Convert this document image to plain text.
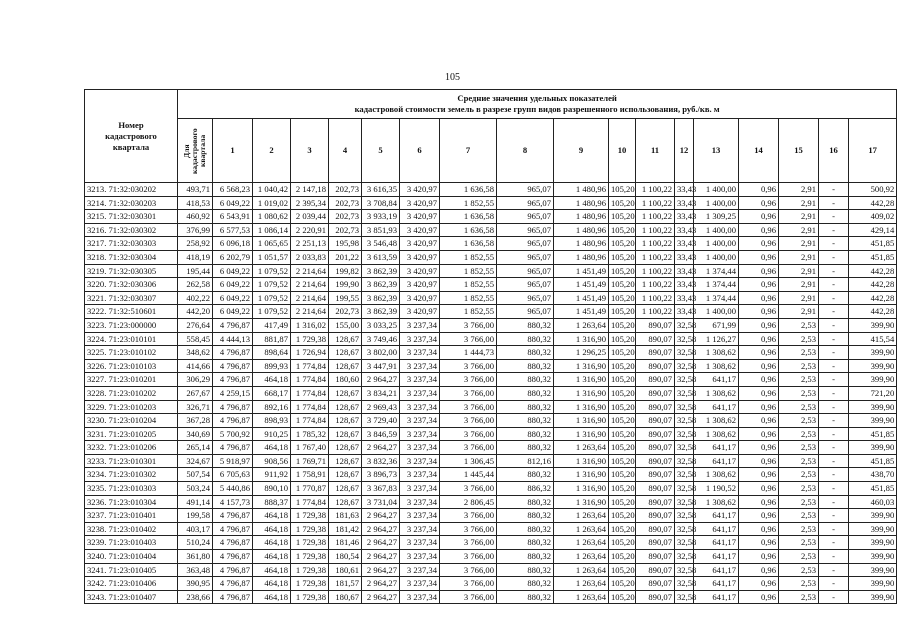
105
Номер кадастрового квартала	Средние значения удельных показателей
кадастровой стоимости земель в разрезе групп видов разрешенного использования, руб./кв. м																	

	Для кадастрового квартала	1	2	3	4	5	6	7	8	9	10	11	12	13	14	15	16	17
3213. 71:32:030202	493,71	6 568,23	1 040,42	2 147,18	202,73	3 616,35	3 420,97	1 636,58	965,07	1 480,96	105,20	1 100,22	33,43	1 400,00	0,96	2,91	-	500,92
3214. 71:32:030203	418,53	6 049,22	1 019,02	2 395,34	202,73	3 708,84	3 420,97	1 852,55	965,07	1 480,96	105,20	1 100,22	33,43	1 400,00	0,96	2,91	-	442,28
3215. 71:32:030301	460,92	6 543,91	1 080,62	2 039,44	202,73	3 933,19	3 420,97	1 636,58	965,07	1 480,96	105,20	1 100,22	33,43	1 309,25	0,96	2,91	-	409,02
3216. 71:32:030302	376,99	6 577,53	1 086,14	2 220,91	202,73	3 851,93	3 420,97	1 636,58	965,07	1 480,96	105,20	1 100,22	33,43	1 400,00	0,96	2,91	-	429,14
3217. 71:32:030303	258,92	6 096,18	1 065,65	2 251,13	195,98	3 546,48	3 420,97	1 636,58	965,07	1 480,96	105,20	1 100,22	33,43	1 400,00	0,96	2,91	-	451,85
3218. 71:32:030304	418,19	6 202,79	1 051,57	2 033,83	201,22	3 613,59	3 420,97	1 852,55	965,07	1 480,96	105,20	1 100,22	33,43	1 400,00	0,96	2,91	-	451,85
3219. 71:32:030305	195,44	6 049,22	1 079,52	2 214,64	199,82	3 862,39	3 420,97	1 852,55	965,07	1 451,49	105,20	1 100,22	33,43	1 374,44	0,96	2,91	-	442,28
3220. 71:32:030306	262,58	6 049,22	1 079,52	2 214,64	199,90	3 862,39	3 420,97	1 852,55	965,07	1 451,49	105,20	1 100,22	33,43	1 374,44	0,96	2,91	-	442,28
3221. 71:32:030307	402,22	6 049,22	1 079,52	2 214,64	199,55	3 862,39	3 420,97	1 852,55	965,07	1 451,49	105,20	1 100,22	33,43	1 374,44	0,96	2,91	-	442,28
3222. 71:32:510601	442,20	6 049,22	1 079,52	2 214,64	202,73	3 862,39	3 420,97	1 852,55	965,07	1 451,49	105,20	1 100,22	33,43	1 400,00	0,96	2,91	-	442,28
3223. 71:23:000000	276,64	4 796,87	417,49	1 316,02	155,00	3 033,25	3 237,34	3 766,00	880,32	1 263,64	105,20	890,07	32,58	671,99	0,96	2,53	-	399,90
3224. 71:23:010101	558,45	4 444,13	881,87	1 729,38	128,67	3 749,46	3 237,34	3 766,00	880,32	1 316,90	105,20	890,07	32,58	1 126,27	0,96	2,53	-	415,54
3225. 71:23:010102	348,62	4 796,87	898,64	1 726,94	128,67	3 802,00	3 237,34	1 444,73	880,32	1 296,25	105,20	890,07	32,58	1 308,62	0,96	2,53	-	399,90
3226. 71:23:010103	414,66	4 796,87	899,93	1 774,84	128,67	3 447,91	3 237,34	3 766,00	880,32	1 316,90	105,20	890,07	32,58	1 308,62	0,96	2,53	-	399,90
3227. 71:23:010201	306,29	4 796,87	464,18	1 774,84	180,60	2 964,27	3 237,34	3 766,00	880,32	1 316,90	105,20	890,07	32,58	641,17	0,96	2,53	-	399,90
3228. 71:23:010202	267,67	4 259,15	668,17	1 774,84	128,67	3 834,21	3 237,34	3 766,00	880,32	1 316,90	105,20	890,07	32,58	1 308,62	0,96	2,53	-	721,20
3229. 71:23:010203	326,71	4 796,87	892,16	1 774,84	128,67	2 969,43	3 237,34	3 766,00	880,32	1 316,90	105,20	890,07	32,58	641,17	0,96	2,53	-	399,90
3230. 71:23:010204	367,28	4 796,87	898,93	1 774,84	128,67	3 729,40	3 237,34	3 766,00	880,32	1 316,90	105,20	890,07	32,58	1 308,62	0,96	2,53	-	399,90
3231. 71:23:010205	340,69	5 700,92	910,25	1 785,32	128,67	3 846,59	3 237,34	3 766,00	880,32	1 316,90	105,20	890,07	32,58	1 308,62	0,96	2,53	-	451,85
3232. 71:23:010206	265,14	4 796,87	464,18	1 767,40	128,67	2 964,27	3 237,34	3 766,00	880,32	1 263,64	105,20	890,07	32,58	641,17	0,96	2,53	-	399,90
3233. 71:23:010301	324,67	5 918,97	908,56	1 769,71	128,67	3 832,36	3 237,34	1 306,45	812,16	1 316,90	105,20	890,07	32,58	641,17	0,96	2,53	-	451,85
3234. 71:23:010302	507,54	6 705,63	911,92	1 758,91	128,67	3 896,73	3 237,34	1 445,44	880,32	1 316,90	105,20	890,07	32,58	1 308,62	0,96	2,53	-	438,70
3235. 71:23:010303	503,24	5 440,86	890,10	1 770,87	128,67	3 367,83	3 237,34	3 766,00	886,32	1 316,90	105,20	890,07	32,58	1 190,52	0,96	2,53	-	451,85
3236. 71:23:010304	491,14	4 157,73	888,37	1 774,84	128,67	3 731,04	3 237,34	2 806,45	880,32	1 316,90	105,20	890,07	32,58	1 308,62	0,96	2,53	-	460,03
3237. 71:23:010401	199,58	4 796,87	464,18	1 729,38	181,63	2 964,27	3 237,34	3 766,00	880,32	1 263,64	105,20	890,07	32,58	641,17	0,96	2,53	-	399,90
3238. 71:23:010402	403,17	4 796,87	464,18	1 729,38	181,42	2 964,27	3 237,34	3 766,00	880,32	1 263,64	105,20	890,07	32,58	641,17	0,96	2,53	-	399,90
3239. 71:23:010403	510,24	4 796,87	464,18	1 729,38	181,46	2 964,27	3 237,34	3 766,00	880,32	1 263,64	105,20	890,07	32,58	641,17	0,96	2,53	-	399,90
3240. 71:23:010404	361,80	4 796,87	464,18	1 729,38	180,54	2 964,27	3 237,34	3 766,00	880,32	1 263,64	105,20	890,07	32,58	641,17	0,96	2,53	-	399,90
3241. 71:23:010405	363,48	4 796,87	464,18	1 729,38	180,61	2 964,27	3 237,34	3 766,00	880,32	1 263,64	105,20	890,07	32,58	641,17	0,96	2,53	-	399,90
3242. 71:23:010406	390,95	4 796,87	464,18	1 729,38	181,57	2 964,27	3 237,34	3 766,00	880,32	1 263,64	105,20	890,07	32,58	641,17	0,96	2,53	-	399,90
3243. 71:23:010407	238,66	4 796,87	464,18	1 729,38	180,67	2 964,27	3 237,34	3 766,00	880,32	1 263,64	105,20	890,07	32,58	641,17	0,96	2,53	-	399,90
